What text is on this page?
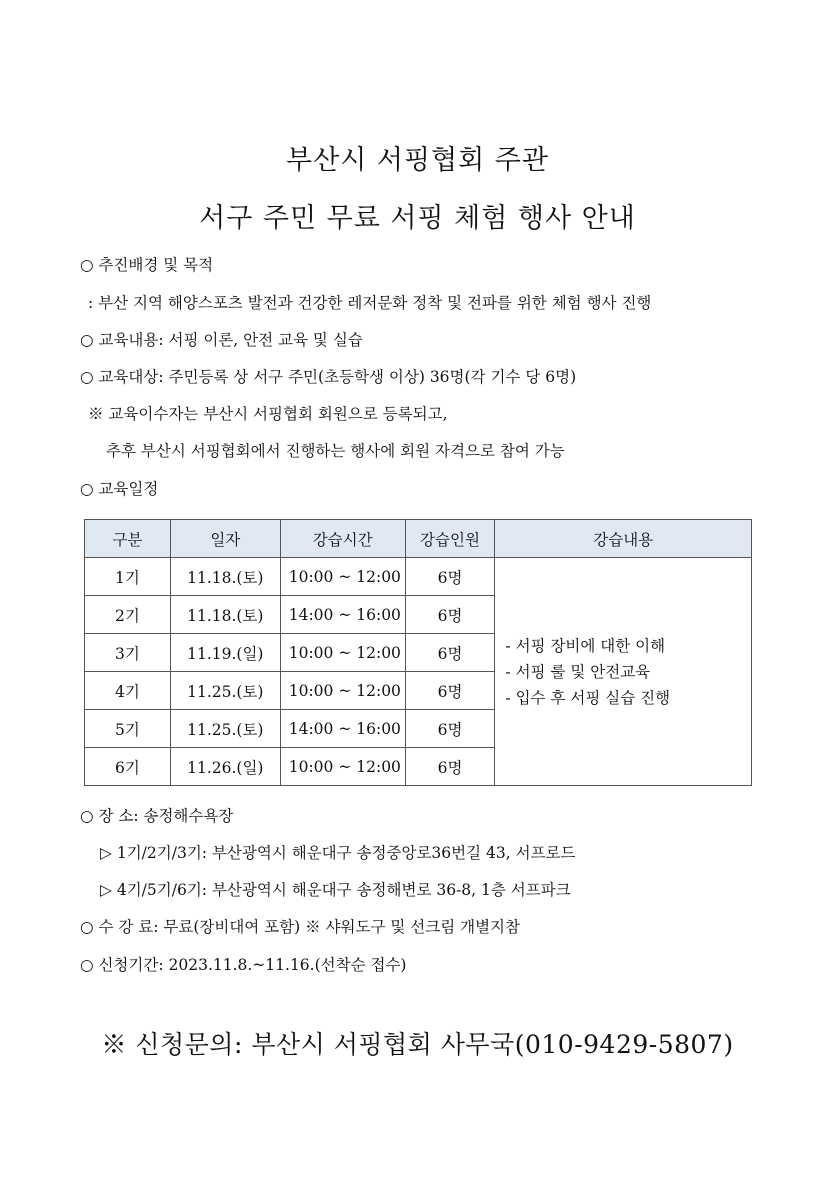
부산시 서핑협회 주관
서구 주민 무료 서핑 체험 행사 안내
○ 추진배경 및 목적
: 부산 지역 해양스포츠 발전과 건강한 레저문화 정착 및 전파를 위한 체험 행사 진행
○ 교육내용: 서핑 이론, 안전 교육 및 실습
○ 교육대상: 주민등록 상 서구 주민(초등학생 이상) 36명(각 기수 당 6명)
※ 교육이수자는 부산시 서핑협회 회원으로 등록되고,
추후 부산시 서핑협회에서 진행하는 행사에 회원 자격으로 참여 가능
○ 교육일정
구분	일자	강습시간	강습인원	강습내용
1기	11.18.(토)	10:00 ~ 12:00	6명	- 서핑 장비에 대한 이해
- 서핑 룰 및 안전교육
- 입수 후 서핑 실습 진행

2기	11.18.(토)	14:00 ~ 16:00	6명	
3기	11.19.(일)	10:00 ~ 12:00	6명	
4기	11.25.(토)	10:00 ~ 12:00	6명	
5기	11.25.(토)	14:00 ~ 16:00	6명	
6기	11.26.(일)	10:00 ~ 12:00	6명	
○ 장 소: 송정해수욕장
▷ 1기/2기/3기: 부산광역시 해운대구 송정중앙로36번길 43, 서프로드
▷ 4기/5기/6기: 부산광역시 해운대구 송정해변로 36-8, 1층 서프파크
○ 수 강 료: 무료(장비대여 포함) ※ 샤워도구 및 선크림 개별지참
○ 신청기간: 2023.11.8.~11.16.(선착순 접수)
※ 신청문의: 부산시 서핑협회 사무국(010-9429-5807)
